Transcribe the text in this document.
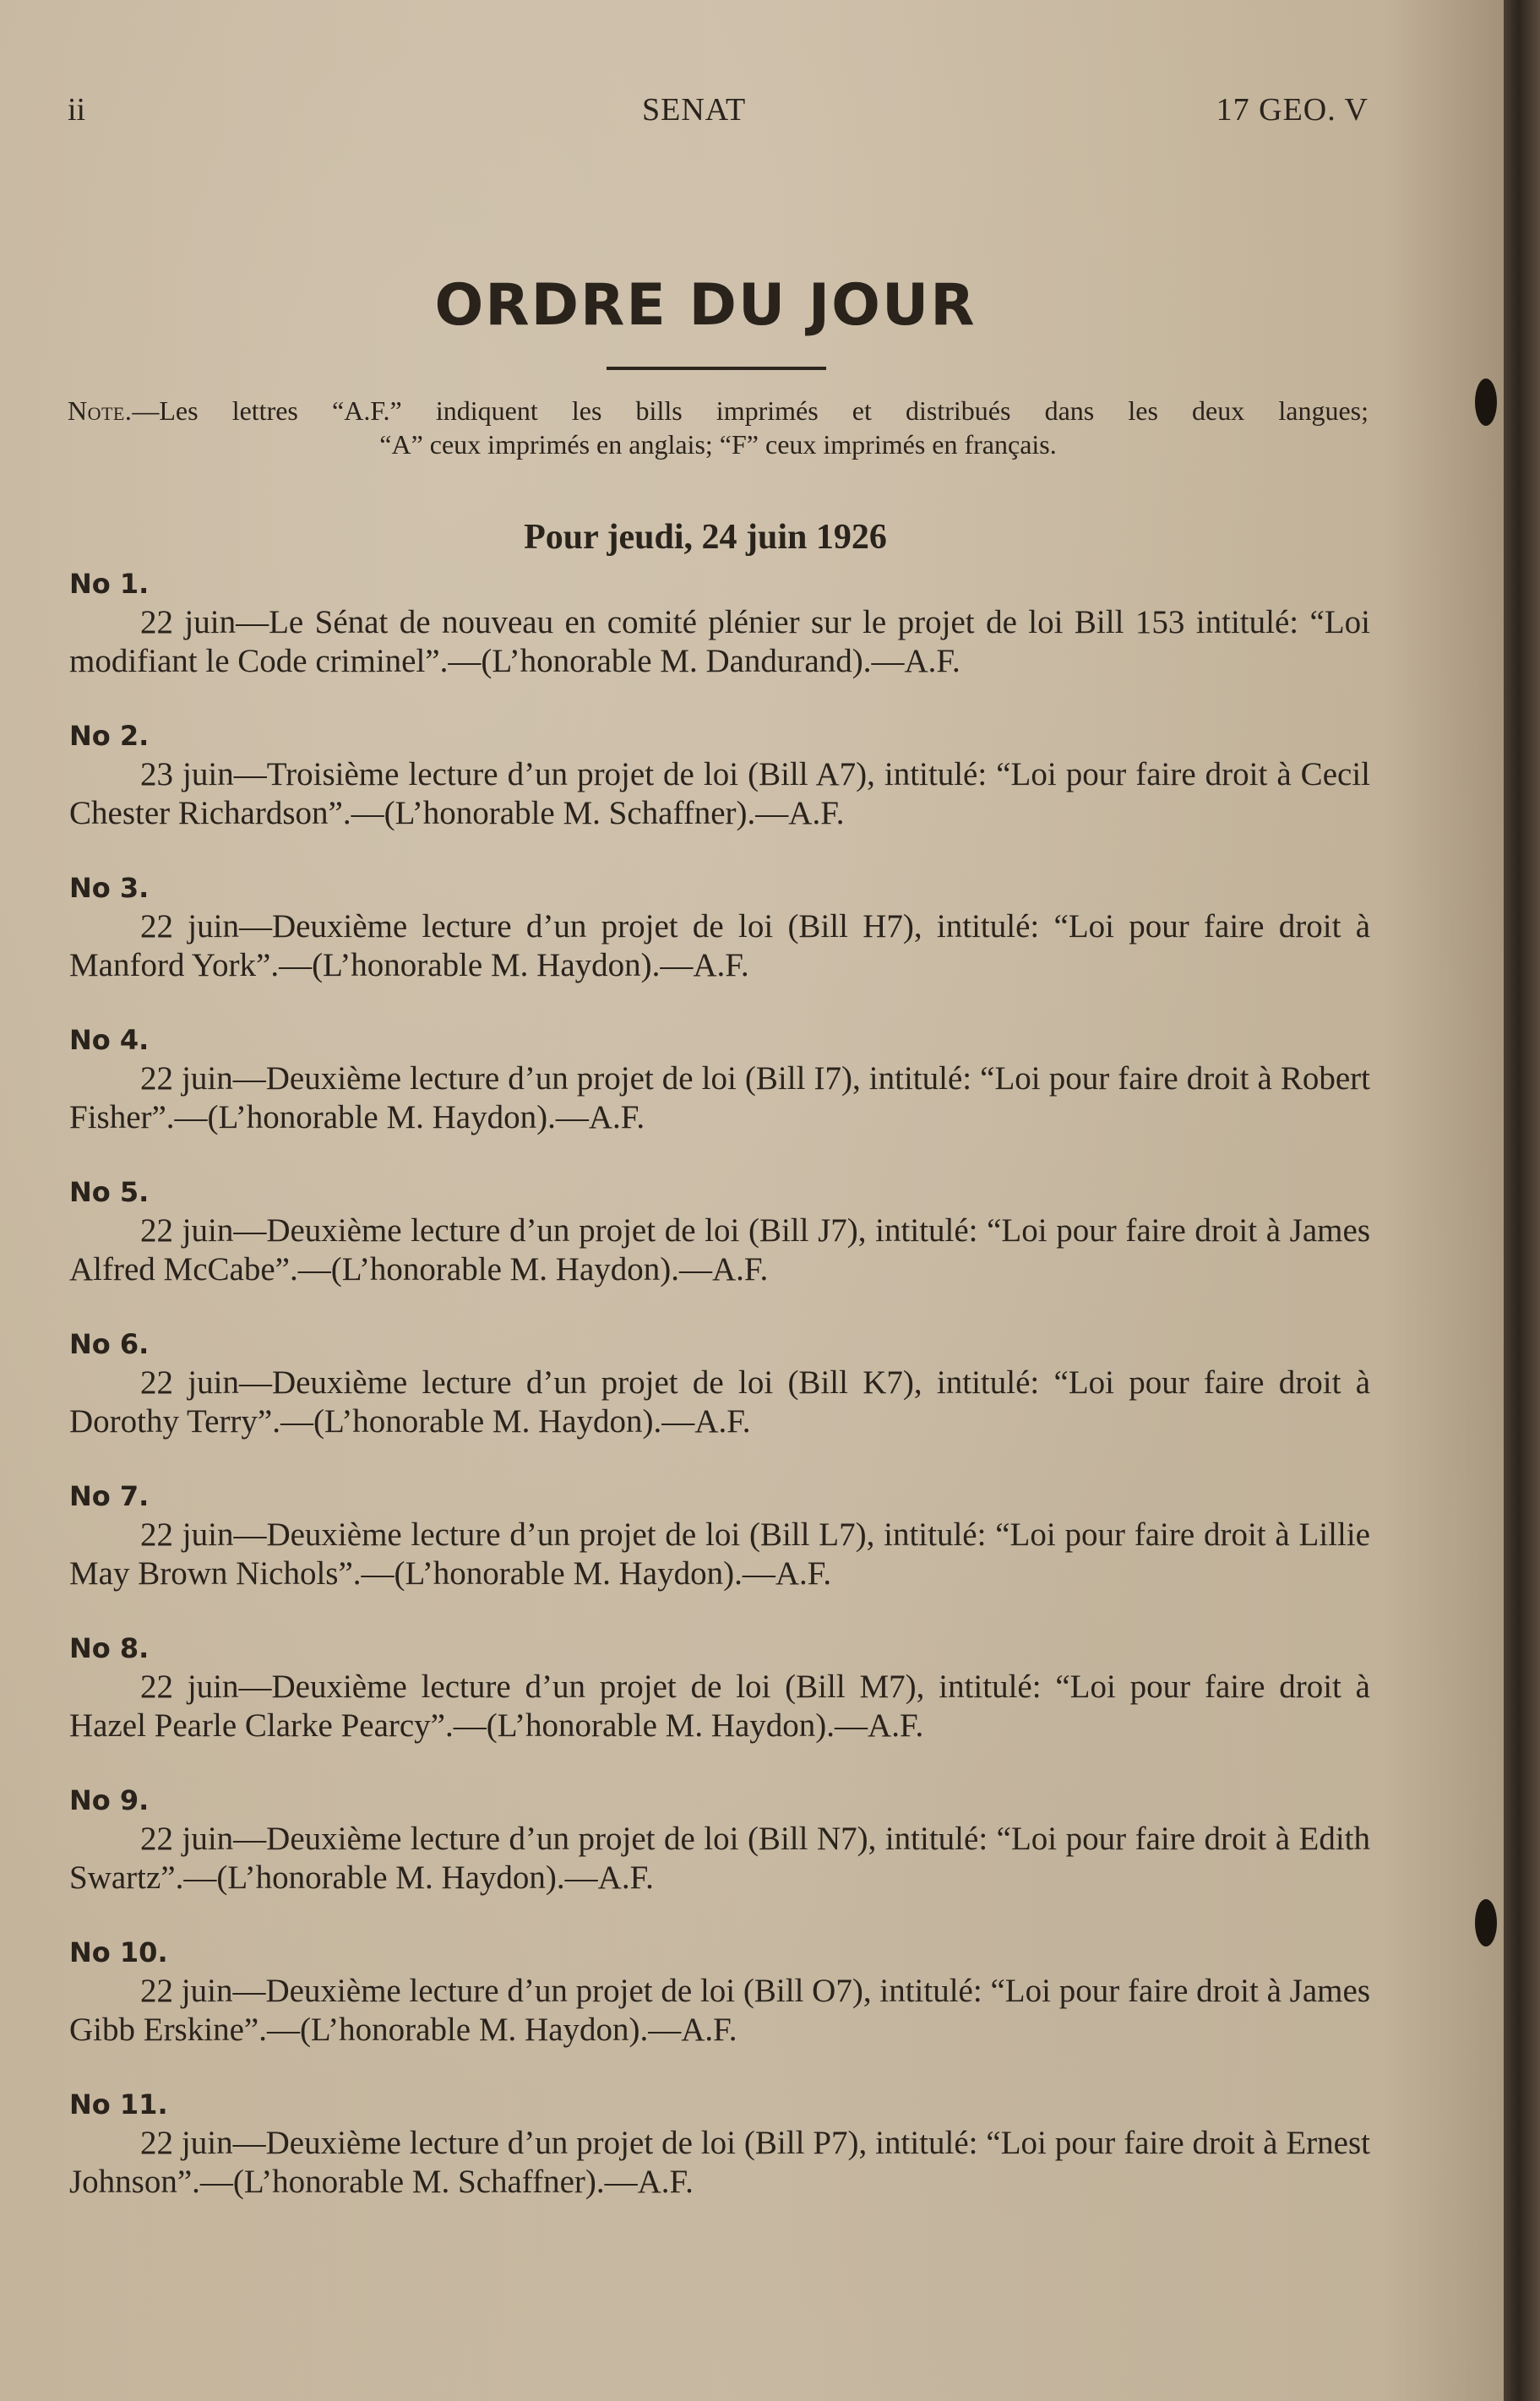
ii	SENAT	17 GEO. V
ORDRE DU JOUR
Note.—Les lettres “A.F.” indiquent les bills imprimés et distribués dans les deux langues;
“A” ceux imprimés en anglais; “F” ceux imprimés en français.
Pour jeudi, 24 juin 1926
No 1.
22 juin—Le Sénat de nouveau en comité plénier sur le projet de loi Bill 153 intitulé: “Loi modifiant le Code criminel”.—(L’honorable M. Dandurand).—A.F.
No 2.
23 juin—Troisième lecture d’un projet de loi (Bill A7), intitulé: “Loi pour faire droit à Cecil Chester Richardson”.—(L’honorable M. Schaffner).—A.F.
No 3.
22 juin—Deuxième lecture d’un projet de loi (Bill H7), intitulé: “Loi pour faire droit à Manford York”.—(L’honorable M. Haydon).—A.F.
No 4.
22 juin—Deuxième lecture d’un projet de loi (Bill I7), intitulé: “Loi pour faire droit à Robert Fisher”.—(L’honorable M. Haydon).—A.F.
No 5.
22 juin—Deuxième lecture d’un projet de loi (Bill J7), intitulé: “Loi pour faire droit à James Alfred McCabe”.—(L’honorable M. Haydon).—A.F.
No 6.
22 juin—Deuxième lecture d’un projet de loi (Bill K7), intitulé: “Loi pour faire droit à Dorothy Terry”.—(L’honorable M. Haydon).—A.F.
No 7.
22 juin—Deuxième lecture d’un projet de loi (Bill L7), intitulé: “Loi pour faire droit à Lillie May Brown Nichols”.—(L’honorable M. Haydon).—A.F.
No 8.
22 juin—Deuxième lecture d’un projet de loi (Bill M7), intitulé: “Loi pour faire droit à Hazel Pearle Clarke Pearcy”.—(L’honorable M. Haydon).—A.F.
No 9.
22 juin—Deuxième lecture d’un projet de loi (Bill N7), intitulé: “Loi pour faire droit à Edith Swartz”.—(L’honorable M. Haydon).—A.F.
No 10.
22 juin—Deuxième lecture d’un projet de loi (Bill O7), intitulé: “Loi pour faire droit à James Gibb Erskine”.—(L’honorable M. Haydon).—A.F.
No 11.
22 juin—Deuxième lecture d’un projet de loi (Bill P7), intitulé: “Loi pour faire droit à Ernest Johnson”.—(L’honorable M. Schaffner).—A.F.
